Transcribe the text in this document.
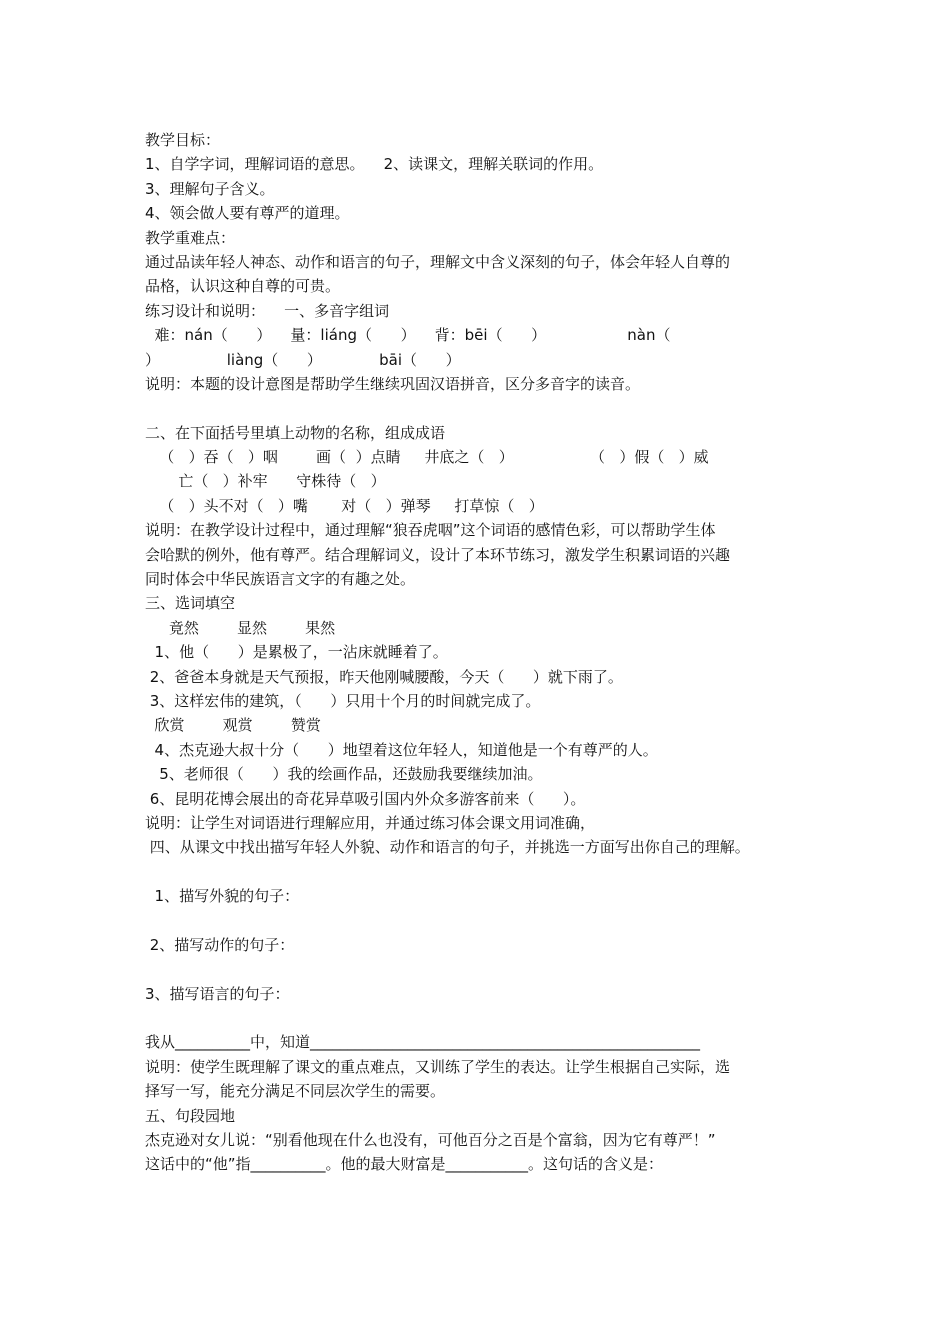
教学目标：
1、自学字词，理解词语的意思。    2、读课文，理解关联词的作用。
3、理解句子含义。
4、领会做人要有尊严的道理。
教学重难点：
通过品读年轻人神态、动作和语言的句子，理解文中含义深刻的句子，体会年轻人自尊的
品格，认识这种自尊的可贵。
练习设计和说明：    一、多音字组词
难：nán（      ）    量：liáng（      ）    背：bēi（      ）                 nàn（
）              liàng（      ）            bāi（      ）
说明：本题的设计意图是帮助学生继续巩固汉语拼音，区分多音字的读音。
二、在下面括号里填上动物的名称，组成成语
（   ）吞（   ）咽        画（  ）点睛     井底之（   ）                （   ）假（   ）威
亡（   ）补牢      守株待（   ）
（   ）头不对（   ）嘴       对（   ）弹琴     打草惊（   ）
说明：在教学设计过程中，通过理解“狼吞虎咽”这个词语的感情色彩，可以帮助学生体
会哈默的例外，他有尊严。结合理解词义，设计了本环节练习，激发学生积累词语的兴趣
同时体会中华民族语言文字的有趣之处。
三、选词填空
竟然        显然        果然
1、他（      ）是累极了，一沾床就睡着了。
2、爸爸本身就是天气预报，昨天他刚喊腰酸，今天（      ）就下雨了。
3、这样宏伟的建筑，（      ）只用十个月的时间就完成了。
欣赏        观赏        赞赏
4、杰克逊大叔十分（      ）地望着这位年轻人，知道他是一个有尊严的人。
5、老师很（      ）我的绘画作品，还鼓励我要继续加油。
6、昆明花博会展出的奇花异草吸引国内外众多游客前来（      ）。
说明：让学生对词语进行理解应用，并通过练习体会课文用词准确，
四、从课文中找出描写年轻人外貌、动作和语言的句子，并挑选一方面写出你自己的理解。
1、描写外貌的句子：
2、描写动作的句子：
3、描写语言的句子：
我从__________中，知道____________________________________________________
说明：使学生既理解了课文的重点难点，又训练了学生的表达。让学生根据自己实际，选
择写一写，能充分满足不同层次学生的需要。
五、句段园地
杰克逊对女儿说：“别看他现在什么也没有，可他百分之百是个富翁，因为它有尊严！”
这话中的“他”指__________。他的最大财富是___________。这句话的含义是：
